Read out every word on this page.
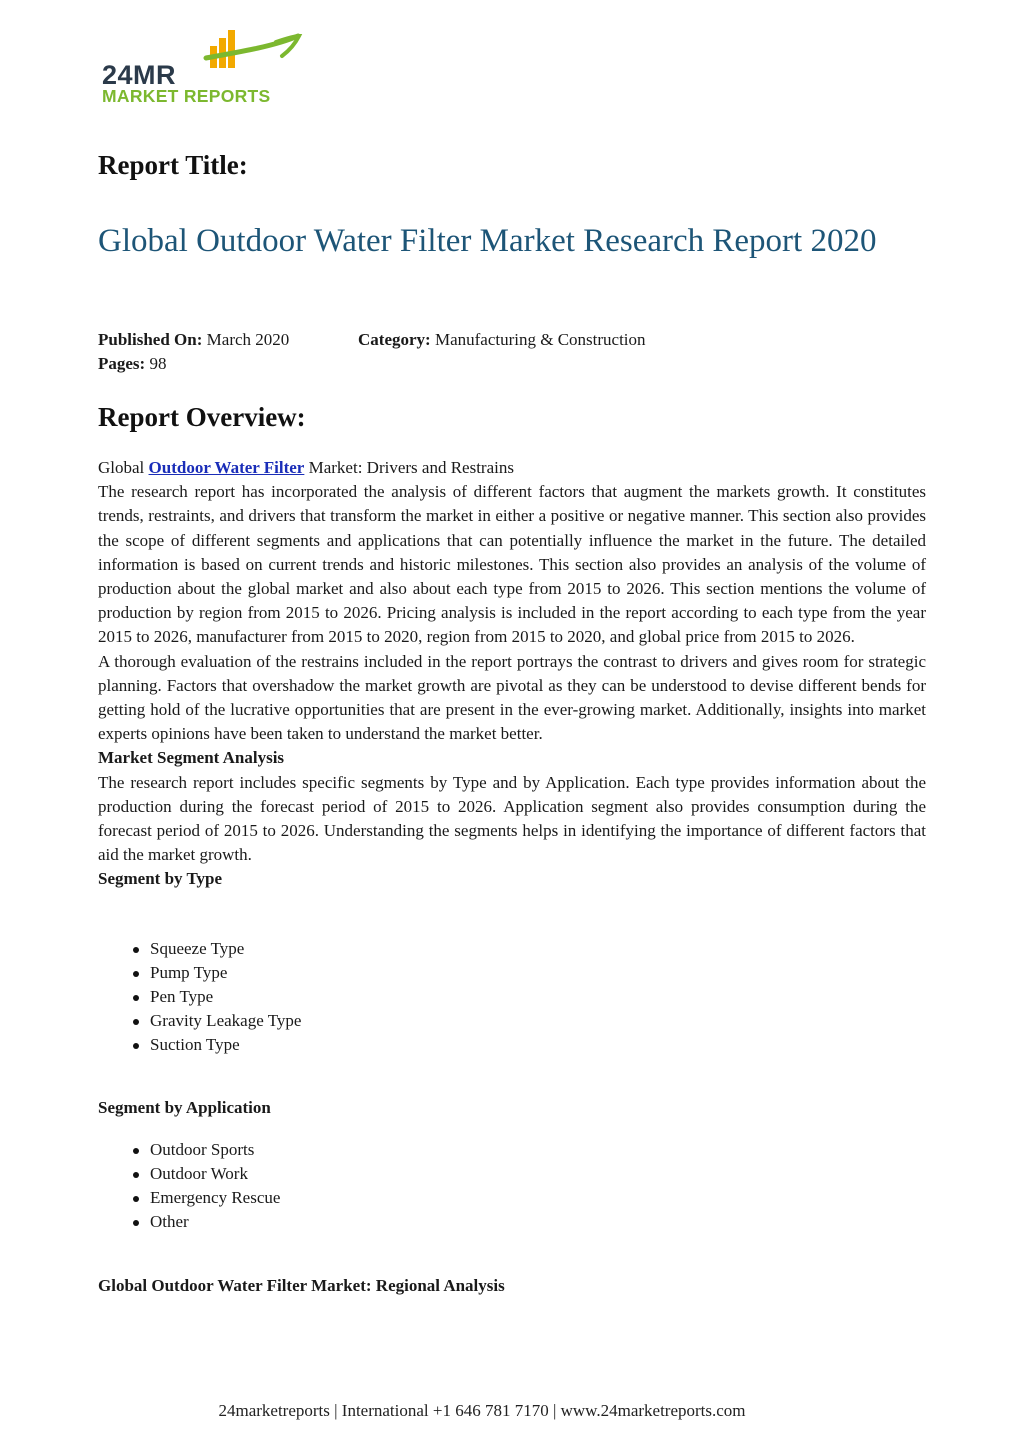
24MR
MARKET REPORTS
Report Title:
Global Outdoor Water Filter Market Research Report 2020
Published On: March 2020	Category: Manufacturing & Construction
Pages: 98
Report Overview:

Global Outdoor Water Filter Market: Drivers and Restrains

The research report has incorporated the analysis of different factors that augment the markets growth. It constitutes trends, restraints, and drivers that transform the market in either a positive or negative manner. This section also provides the scope of different segments and applications that can potentially influence the market in the future. The detailed information is based on current trends and historic milestones. This section also provides an analysis of the volume of production about the global market and also about each type from 2015 to 2026. This section mentions the volume of production by region from 2015 to 2026. Pricing analysis is included in the report according to each type from the year 2015 to 2026, manufacturer from 2015 to 2020, region from 2015 to 2020, and global price from 2015 to 2026.

A thorough evaluation of the restrains included in the report portrays the contrast to drivers and gives room for strategic planning. Factors that overshadow the market growth are pivotal as they can be understood to devise different bends for getting hold of the lucrative opportunities that are present in the ever-growing market. Additionally, insights into market experts opinions have been taken to understand the market better.

Market Segment Analysis

The research report includes specific segments by Type and by Application. Each type provides information about the production during the forecast period of 2015 to 2026. Application segment also provides consumption during the forecast period of 2015 to 2026. Understanding the segments helps in identifying the importance of different factors that aid the market growth.

Segment by Type

Squeeze Type
Pump Type
Pen Type
Gravity Leakage Type
Suction Type
Segment by Application
Outdoor Sports
Outdoor Work
Emergency Rescue
Other
Global Outdoor Water Filter Market: Regional Analysis
24marketreports | International +1 646 781 7170 | www.24marketreports.com
